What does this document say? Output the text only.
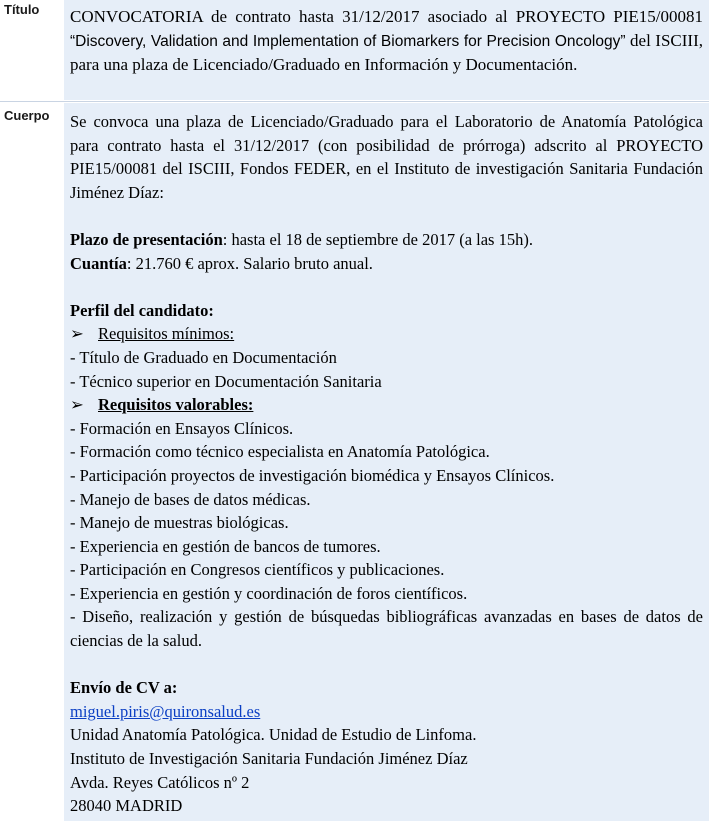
Título	CONVOCATORIA de contrato hasta 31/12/2017 asociado al PROYECTO PIE15/00081 “Discovery, Validation and Implementation of Biomarkers for Precision Oncology” del ISCIII, para una plaza de Licenciado/Graduado en Información y Documentación.
Cuerpo	Se convoca una plaza de Licenciado/Graduado para el Laboratorio de Anatomía Patológica para contrato hasta el 31/12/2017 (con posibilidad de prórroga) adscrito al PROYECTO PIE15/00081 del ISCIII, Fondos FEDER, en el Instituto de investigación Sanitaria Fundación Jiménez Díaz:

Plazo de presentación: hasta el 18 de septiembre de 2017 (a las 15h).

Cuantía: 21.760 € aprox. Salario bruto anual.

Perfil del candidato:

➢ Requisitos mínimos:

- Título de Graduado en Documentación

- Técnico superior en Documentación Sanitaria

➢ Requisitos valorables:

- Formación en Ensayos Clínicos.

- Formación como técnico especialista en Anatomía Patológica.

- Participación proyectos de investigación biomédica y Ensayos Clínicos.

- Manejo de bases de datos médicas.

- Manejo de muestras biológicas.

- Experiencia en gestión de bancos de tumores.

- Participación en Congresos científicos y publicaciones.

- Experiencia en gestión y coordinación de foros científicos.

- Diseño, realización y gestión de búsquedas bibliográficas avanzadas en bases de datos de ciencias de la salud.

Envío de CV a:

miguel.piris@quironsalud.es

Unidad Anatomía Patológica. Unidad de Estudio de Linfoma.

Instituto de Investigación Sanitaria Fundación Jiménez Díaz

Avda. Reyes Católicos nº 2

28040 MADRID
